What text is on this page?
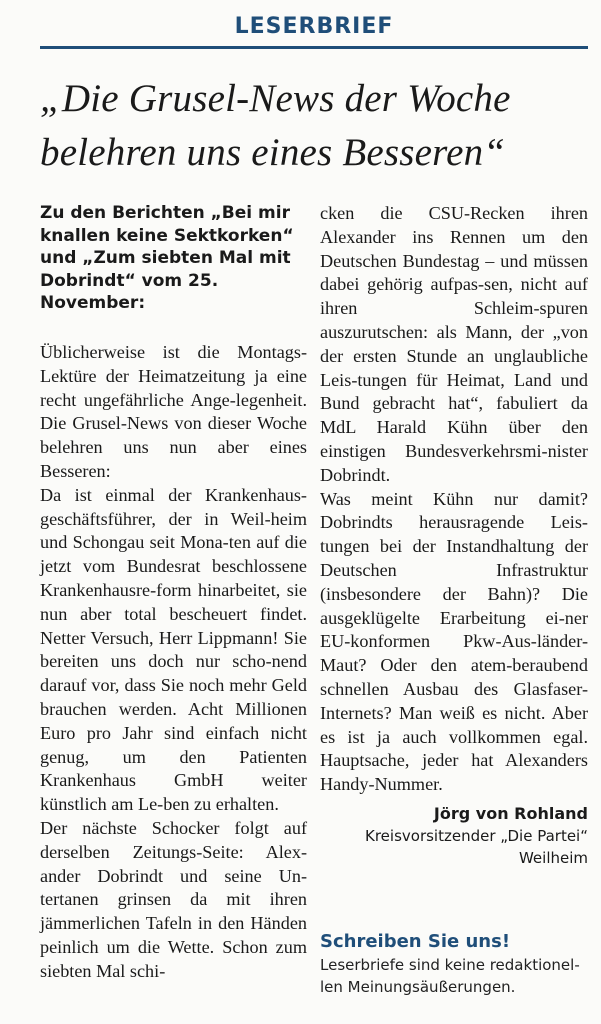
LESERBRIEF
„Die Grusel-News der Woche belehren uns eines Besseren“
Zu den Berichten „Bei mir knallen keine Sektkorken“ und „Zum siebten Mal mit Dobrindt“ vom 25. November:

Üblicherweise ist die Montags-Lektüre der Heimatzeitung ja eine recht ungefährliche Ange-legenheit. Die Grusel-News von dieser Woche belehren uns nun aber eines Besseren:

Da ist einmal der Krankenhaus-geschäftsführer, der in Weil-heim und Schongau seit Mona-ten auf die jetzt vom Bundesrat beschlossene Krankenhausre-form hinarbeitet, sie nun aber total bescheuert findet. Netter Versuch, Herr Lippmann! Sie bereiten uns doch nur scho-nend darauf vor, dass Sie noch mehr Geld brauchen werden. Acht Millionen Euro pro Jahr sind einfach nicht genug, um den Patienten Krankenhaus GmbH weiter künstlich am Le-ben zu erhalten.

Der nächste Schocker folgt auf derselben Zeitungs-Seite: Alex-ander Dobrindt und seine Un-tertanen grinsen da mit ihren jämmerlichen Tafeln in den Händen peinlich um die Wette. Schon zum siebten Mal schi-

cken die CSU-Recken ihren Alexander ins Rennen um den Deutschen Bundestag – und müssen dabei gehörig aufpas-sen, nicht auf ihren Schleim-spuren auszurutschen: als Mann, der „von der ersten Stunde an unglaubliche Leis-tungen für Heimat, Land und Bund gebracht hat“, fabuliert da MdL Harald Kühn über den einstigen Bundesverkehrsmi-nister Dobrindt.

Was meint Kühn nur damit? Dobrindts herausragende Leis-tungen bei der Instandhaltung der Deutschen Infrastruktur (insbesondere der Bahn)? Die ausgeklügelte Erarbeitung ei-ner EU-konformen Pkw-Aus-länder-Maut? Oder den atem-beraubend schnellen Ausbau des Glasfaser-Internets? Man weiß es nicht. Aber es ist ja auch vollkommen egal. Hauptsache, jeder hat Alexanders Handy-Nummer.

Jörg von Rohland
Kreisvorsitzender „Die Partei“
Weilheim
Schreiben Sie uns!
Leserbriefe sind keine redaktionel-len Meinungsäußerungen.
